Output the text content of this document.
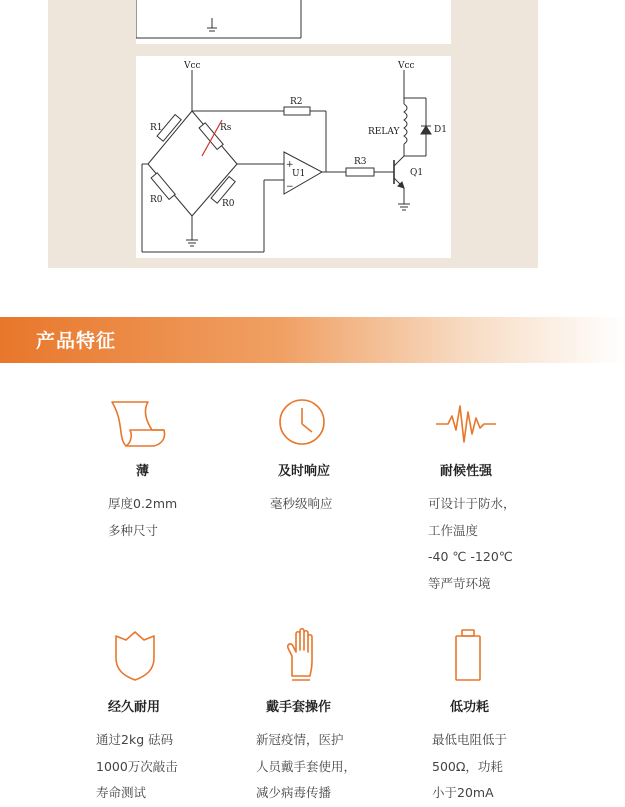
Vcc	Vcc
R1	Rs
R0	R0
R2
R3
U1
+
−
RELAY	D1
Q1
产品特征
薄
厚度0.2mm
多种尺寸
及时响应
毫秒级响应
耐候性强
可设计于防水，
工作温度
-40 ℃ -120℃
等严苛环境
经久耐用
通过2kg 砝码
1000万次敲击
寿命测试
戴手套操作
新冠疫情，医护
人员戴手套使用，
减少病毒传播
低功耗
最低电阻低于
500Ω，功耗
小于20mA
